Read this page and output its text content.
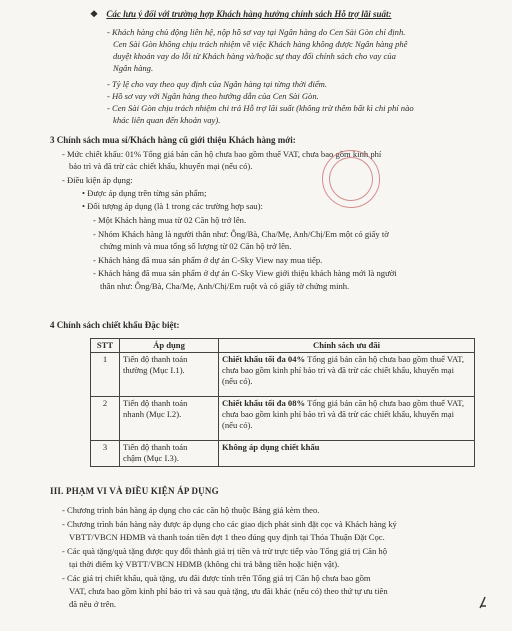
❖ Các lưu ý đối với trường hợp Khách hàng hưởng chính sách Hỗ trợ lãi suất:
- Khách hàng chủ động liên hệ, nộp hồ sơ vay tại Ngân hàng do Cen Sài Gòn chỉ định.
Cen Sài Gòn không chịu trách nhiệm về việc Khách hàng không được Ngân hàng phê
duyệt khoản vay do lỗi từ Khách hàng và/hoặc sự thay đổi chính sách cho vay của
Ngân hàng.
- Tỷ lệ cho vay theo quy định của Ngân hàng tại từng thời điểm.
- Hồ sơ vay với Ngân hàng theo hướng dẫn của Cen Sài Gòn.
- Cen Sài Gòn chịu trách nhiệm chi trả Hỗ trợ lãi suất (không trừ thêm bất kì chi phí nào
khác liên quan đến khoản vay).
3 Chính sách mua sỉ/Khách hàng cũ giới thiệu Khách hàng mới:
- Mức chiết khấu: 01% Tổng giá bán căn hộ chưa bao gồm thuế VAT, chưa bao gồm kinh phí
bảo trì và đã trừ các chiết khấu, khuyến mại (nếu có).
- Điều kiện áp dụng:
• Được áp dụng trên từng sản phẩm;
• Đối tượng áp dụng (là 1 trong các trường hợp sau):
- Một Khách hàng mua từ 02 Căn hộ trở lên.
- Nhóm Khách hàng là người thân như: Ông/Bà, Cha/Mẹ, Anh/Chị/Em một có giấy tờ
chứng minh và mua tổng số lượng từ 02 Căn hộ trở lên.
- Khách hàng đã mua sản phẩm ở dự án C-Sky View nay mua tiếp.
- Khách hàng đã mua sản phẩm ở dự án C-Sky View giới thiệu khách hàng mới là người
thân như: Ông/Bà, Cha/Mẹ, Anh/Chị/Em ruột và có giấy tờ chứng minh.
4 Chính sách chiết khấu Đặc biệt:
STT	Áp dụng	Chính sách ưu đãi
1	Tiến độ thanh toán
thường (Mục I.1).	Chiết khấu tối đa 04% Tổng giá bán căn hộ chưa bao gồm thuế VAT, chưa bao gồm kinh phí bảo trì và đã trừ các chiết khấu, khuyến mại (nếu có).
2	Tiến độ thanh toán
nhanh (Mục I.2).	Chiết khấu tối đa 08% Tổng giá bán căn hộ chưa bao gồm thuế VAT, chưa bao gồm kinh phí bảo trì và đã trừ các chiết khấu, khuyến mại (nếu có).
3	Tiến độ thanh toán
chậm (Mục I.3).	Không áp dụng chiết khấu
III. PHẠM VI VÀ ĐIỀU KIỆN ÁP DỤNG
- Chương trình bán hàng áp dụng cho các căn hộ thuộc Bảng giá kèm theo.
- Chương trình bán hàng này được áp dụng cho các giao dịch phát sinh đặt cọc và Khách hàng ký
VBTT/VBCN HĐMB và thanh toán tiền đợt 1 theo đúng quy định tại Thỏa Thuận Đặt Cọc.
- Các quà tặng/quà tặng được quy đổi thành giá trị tiền và trừ trực tiếp vào Tổng giá trị Căn hộ
tại thời điểm ký VBTT/VBCN HĐMB (không chi trả bằng tiền hoặc hiện vật).
- Các giá trị chiết khấu, quà tặng, ưu đãi được tính trên Tổng giá trị Căn hộ chưa bao gồm
VAT, chưa bao gồm kinh phí bảo trì và sau quà tặng, ưu đãi khác (nếu có) theo thứ tự ưu tiên
đã nêu ở trên.
